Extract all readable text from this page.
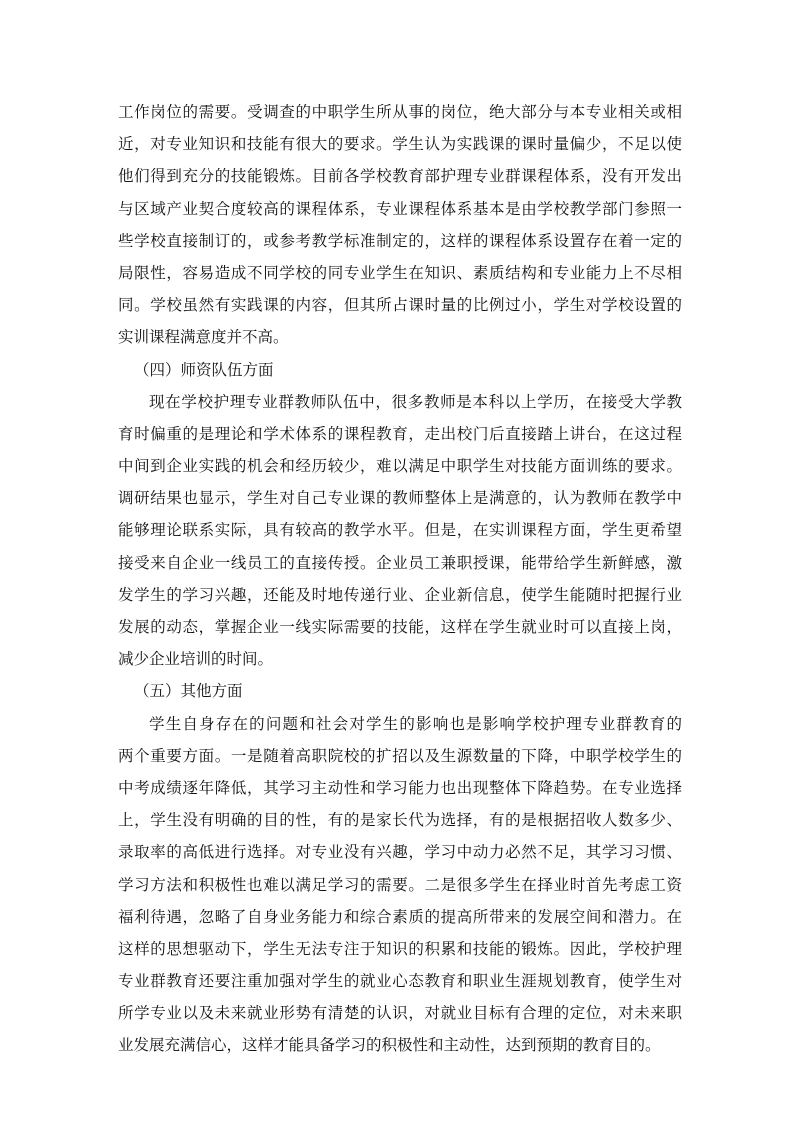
工作岗位的需要。受调查的中职学生所从事的岗位，绝大部分与本专业相关或相
近，对专业知识和技能有很大的要求。学生认为实践课的课时量偏少，不足以使
他们得到充分的技能锻炼。目前各学校教育部护理专业群课程体系，没有开发出
与区域产业契合度较高的课程体系，专业课程体系基本是由学校教学部门参照一
些学校直接制订的，或参考教学标准制定的，这样的课程体系设置存在着一定的
局限性，容易造成不同学校的同专业学生在知识、素质结构和专业能力上不尽相
同。学校虽然有实践课的内容，但其所占课时量的比例过小，学生对学校设置的
实训课程满意度并不高。
（四）师资队伍方面
现在学校护理专业群教师队伍中，很多教师是本科以上学历，在接受大学教
育时偏重的是理论和学术体系的课程教育，走出校门后直接踏上讲台，在这过程
中间到企业实践的机会和经历较少，难以满足中职学生对技能方面训练的要求。
调研结果也显示，学生对自己专业课的教师整体上是满意的，认为教师在教学中
能够理论联系实际，具有较高的教学水平。但是，在实训课程方面，学生更希望
接受来自企业一线员工的直接传授。企业员工兼职授课，能带给学生新鲜感，激
发学生的学习兴趣，还能及时地传递行业、企业新信息，使学生能随时把握行业
发展的动态，掌握企业一线实际需要的技能，这样在学生就业时可以直接上岗，
减少企业培训的时间。
（五）其他方面
学生自身存在的问题和社会对学生的影响也是影响学校护理专业群教育的
两个重要方面。一是随着高职院校的扩招以及生源数量的下降，中职学校学生的
中考成绩逐年降低，其学习主动性和学习能力也出现整体下降趋势。在专业选择
上，学生没有明确的目的性，有的是家长代为选择，有的是根据招收人数多少、
录取率的高低进行选择。对专业没有兴趣，学习中动力必然不足，其学习习惯、
学习方法和积极性也难以满足学习的需要。二是很多学生在择业时首先考虑工资
福利待遇，忽略了自身业务能力和综合素质的提高所带来的发展空间和潜力。在
这样的思想驱动下，学生无法专注于知识的积累和技能的锻炼。因此，学校护理
专业群教育还要注重加强对学生的就业心态教育和职业生涯规划教育，使学生对
所学专业以及未来就业形势有清楚的认识，对就业目标有合理的定位，对未来职
业发展充满信心，这样才能具备学习的积极性和主动性，达到预期的教育目的。
